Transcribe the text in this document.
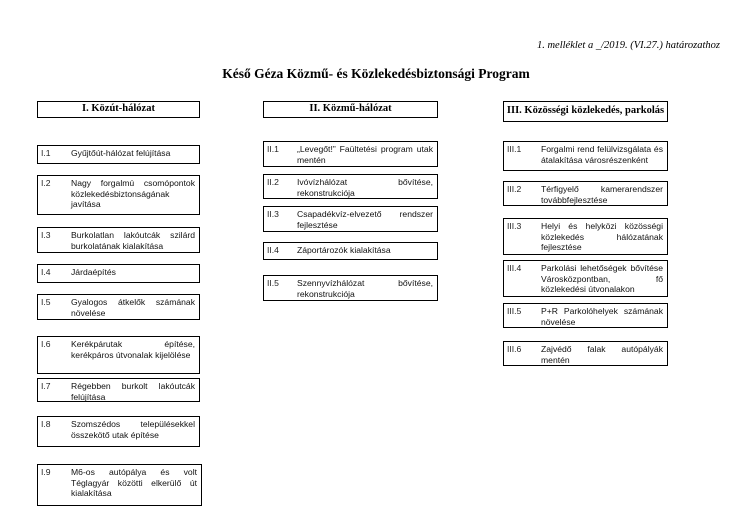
1. melléklet a _/2019. (VI.27.) határozathoz
Késő Géza Közmű- és Közlekedésbiztonsági Program
I. Közút-hálózat
I.1	Gyűjtőút-hálózat felújítása
I.2	Nagy forgalmú csomópontok közlekedésbiztonságának javítása
I.3	Burkolatlan lakóutcák szilárd burkolatának kialakítása
I.4	Járdaépítés
I.5	Gyalogos átkelők számának növelése
I.6	Kerékpárutak építése, kerékpáros útvonalak kijelölése
I.7	Régebben burkolt lakóutcák felújítása
I.8	Szomszédos településekkel összekötő utak építése
I.9	M6-os autópálya és volt Téglagyár közötti elkerülő út kialakítása
II. Közmű-hálózat
II.1	„Levegőt!” Faültetési program utak mentén
II.2	Ivóvízhálózat bővítése, rekonstrukciója
II.3	Csapadékvíz-elvezető rendszer fejlesztése
II.4	Záportározók kialakítása
II.5	Szennyvízhálózat bővítése, rekonstrukciója
III. Közösségi közlekedés, parkolás
III.1	Forgalmi rend felülvizsgálata és átalakítása városrészenként
III.2	Térfigyelő kamerarendszer továbbfejlesztése
III.3	Helyi és helyközi közösségi közlekedés hálózatának fejlesztése
III.4	Parkolási lehetőségek bővítése Városközpontban, fő közlekedési útvonalakon
III.5	P+R Parkolóhelyek számának növelése
III.6	Zajvédő falak autópályák mentén
